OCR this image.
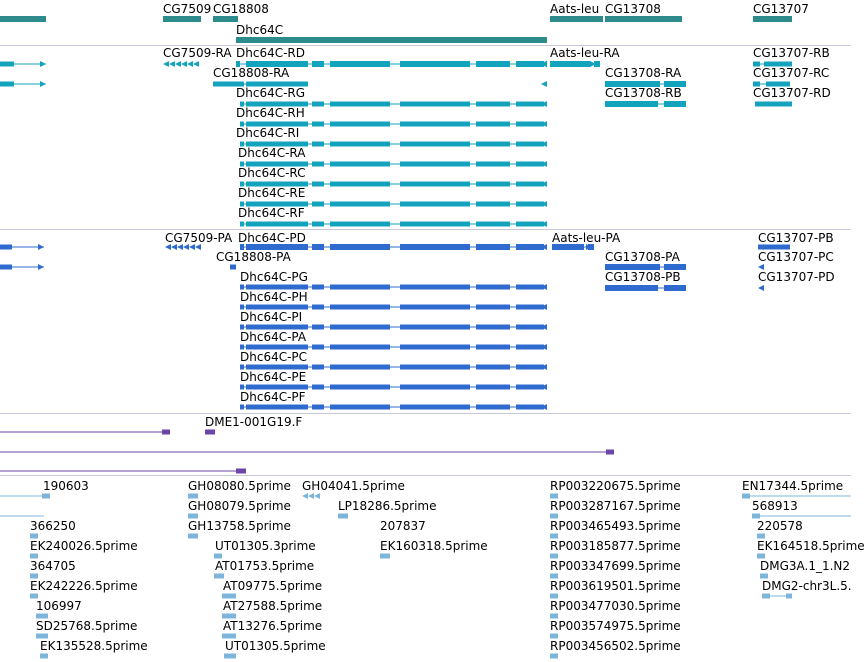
CG7509 CG18808
Dhc64C
Aats-leu CG13708	CG13707
CG7509-RA Dhc64C-RD	Aats-leu-RA	CG13707-RB
CG18808-RA	CG13708-RA	CG13707-RC
Dhc64C-RG	CG13708-RB	CG13707-RD
Dhc64C-RH
Dhc64C-RI
Dhc64C-RA
Dhc64C-RC
Dhc64C-RE
Dhc64C-RF
CG7509-PA Dhc64C-PD	Aats-leu-PA	CG13707-PB
CG18808-PA	CG13708-PA	CG13707-PC
Dhc64C-PG	CG13708-PB	CG13707-PD
Dhc64C-PH
Dhc64C-PI
Dhc64C-PA
Dhc64C-PC
Dhc64C-PE
Dhc64C-PF
DME1-001G19.F
190603	GH08080.5prime GH04041.5prime	RP003220675.5prime	EN17344.5prime
GH08079.5prime	LP18286.5prime	RP003287167.5prime	568913
366250	GH13758.5prime	207837	RP003465493.5prime	220578
EK240026.5prime	UT01305.3prime	EK160318.5prime	RP003185877.5prime	EK164518.5prime
364705	AT01753.5prime	RP003347699.5prime	DMG3A.1_1.N2
EK242226.5prime	AT09775.5prime	RP003619501.5prime	DMG2-chr3L.5.
106997	AT27588.5prime	RP003477030.5prime
SD25768.5prime	AT13276.5prime	RP003574975.5prime
EK135528.5prime	UT01305.5prime	RP003456502.5prime
